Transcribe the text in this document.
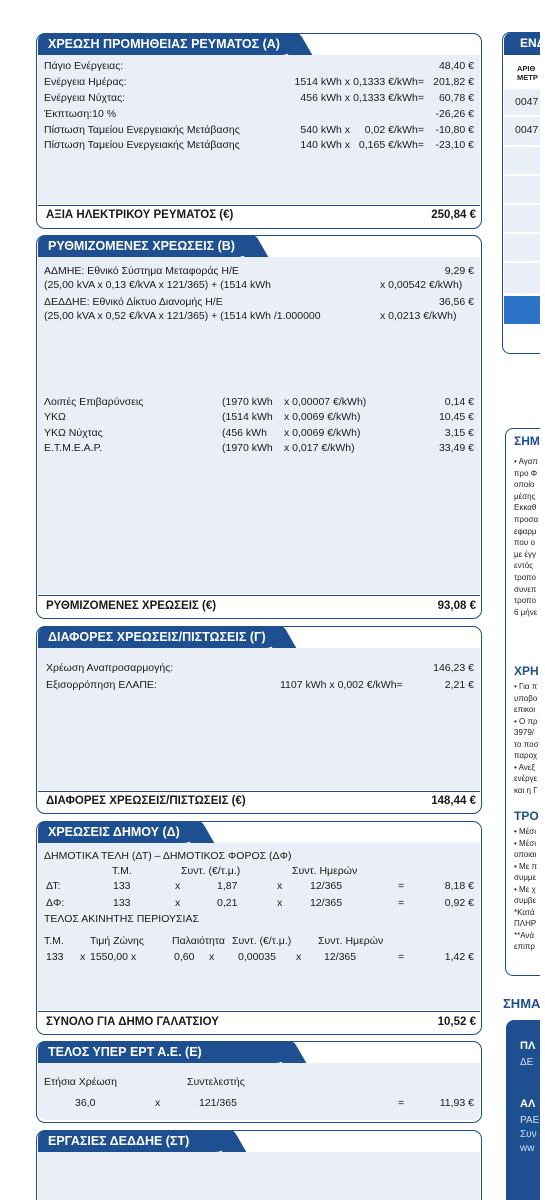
ΧΡΕΩΣΗ ΠΡΟΜΗΘΕΙΑΣ ΡΕΥΜΑΤΟΣ (Α)
Πάγιο Ενέργειας:	48,40 €
Ενέργεια Ημέρας:	1514 kWh x 0,1333 €/kWh= 201,82 €
Ενέργεια Νύχτας:	456 kWh x 0,1333 €/kWh= 60,78 €
Έκπτωση:10 %	-26,26 €
Πίστωση Ταμείου Ενεργειακής Μετάβασης	540 kWh x 0,02 €/kWh= -10,80 €
Πίστωση Ταμείου Ενεργειακής Μετάβασης	140 kWh x 0,165 €/kWh= -23,10 €
ΑΞΙΑ ΗΛΕΚΤΡΙΚΟΥ ΡΕΥΜΑΤΟΣ (€)	250,84 €
ΡΥΘΜΙΖΟΜΕΝΕΣ ΧΡΕΩΣΕΙΣ (Β)
ΑΔΜΗΕ: Εθνικό Σύστημα Μεταφοράς Η/Ε	9,29 €
(25,00 kVA x 0,13 €/kVA x 121/365) + (1514 kWh	x 0,00542 €/kWh)
ΔΕΔΔΗΕ: Εθνικό Δίκτυο Διανομής Η/Ε	36,56 €
(25,00 kVA x 0,52 €/kVA x 121/365) + (1514 kWh /1.000000	x 0,0213 €/kWh)
Λοιπές Επιβαρύνσεις	(1970 kWh x 0,00007 €/kWh)	0,14 €
ΥΚΩ	(1514 kWh x 0,0069 €/kWh)	10,45 €
ΥΚΩ Νύχτας	(456 kWh x 0,0069 €/kWh)	3,15 €
Ε.Τ.Μ.Ε.Α.Ρ.	(1970 kWh x 0,017 €/kWh)	33,49 €
ΡΥΘΜΙΖΟΜΕΝΕΣ ΧΡΕΩΣΕΙΣ (€)	93,08 €
ΔΙΑΦΟΡΕΣ ΧΡΕΩΣΕΙΣ/ΠΙΣΤΩΣΕΙΣ (Γ)
Χρέωση Αναπροσαρμογής:	146,23 €
Εξισορρόπηση ΕΛΑΠΕ:	1107 kWh x 0,002 €/kWh=	2,21 €
ΔΙΑΦΟΡΕΣ ΧΡΕΩΣΕΙΣ/ΠΙΣΤΩΣΕΙΣ (€)	148,44 €
ΧΡΕΩΣΕΙΣ ΔΗΜΟΥ (Δ)
ΔΗΜΟΤΙΚΑ ΤΕΛΗ (ΔΤ) – ΔΗΜΟΤΙΚΟΣ ΦΟΡΟΣ (ΔΦ)
Τ.Μ.	Συντ. (€/τ.μ.)	Συντ. Ημερών
ΔΤ:	133	x	1,87	x	12/365	=	8,18 €
ΔΦ:	133	x	0,21	x	12/365	=	0,92 €
ΤΕΛΟΣ ΑΚΙΝΗΤΗΣ ΠΕΡΙΟΥΣΙΑΣ
Τ.Μ. Τιμή Ζώνης	Παλαιότητα Συντ. (€/τ.μ.)	Συντ. Ημερών
133 x 1550,00 x	0,60 x 0,00035 x 12/365	=	1,42 €
ΣΥΝΟΛΟ ΓΙΑ ΔΗΜΟ ΓΑΛΑΤΣΙΟΥ	10,52 €
ΤΕΛΟΣ ΥΠΕΡ ΕΡΤ Α.Ε. (Ε)
Ετήσια Χρέωση	Συντελεστής
36,0	x	121/365	=	11,93 €
ΕΡΓΑΣΙΕΣ ΔΕΔΔΗΕ (ΣΤ)
ΕΝΔ
ΑΡΙΘ
ΜΕΤΡ
0047
0047
ΣΗΜ
• Αγαπ
προ Φ
οποίο
μέσης
Εκκαθ
προσα
εφαρμ
που ο
με έγγ
εντός
τροπο
συνεπ
τροπο
6 μήνε
ΧΡΗ
• Για π
υποβο
επικοι
• Ο πρ
3979/
το ποσ
παροχ
• Ανεξ
ενέργε
και η Γ
ΤΡΟ
• Μέσι
• Μέσι
οποιαι
• Με π
συμμε
• Με χ
συμβε
*Κατά
ΠΛΗΡ
**Ανά
επιπρ
ΣΗΜΑ
ΠΛ
ΔΕ
ΑΛ
ΡΑΕ
Συν
ww
